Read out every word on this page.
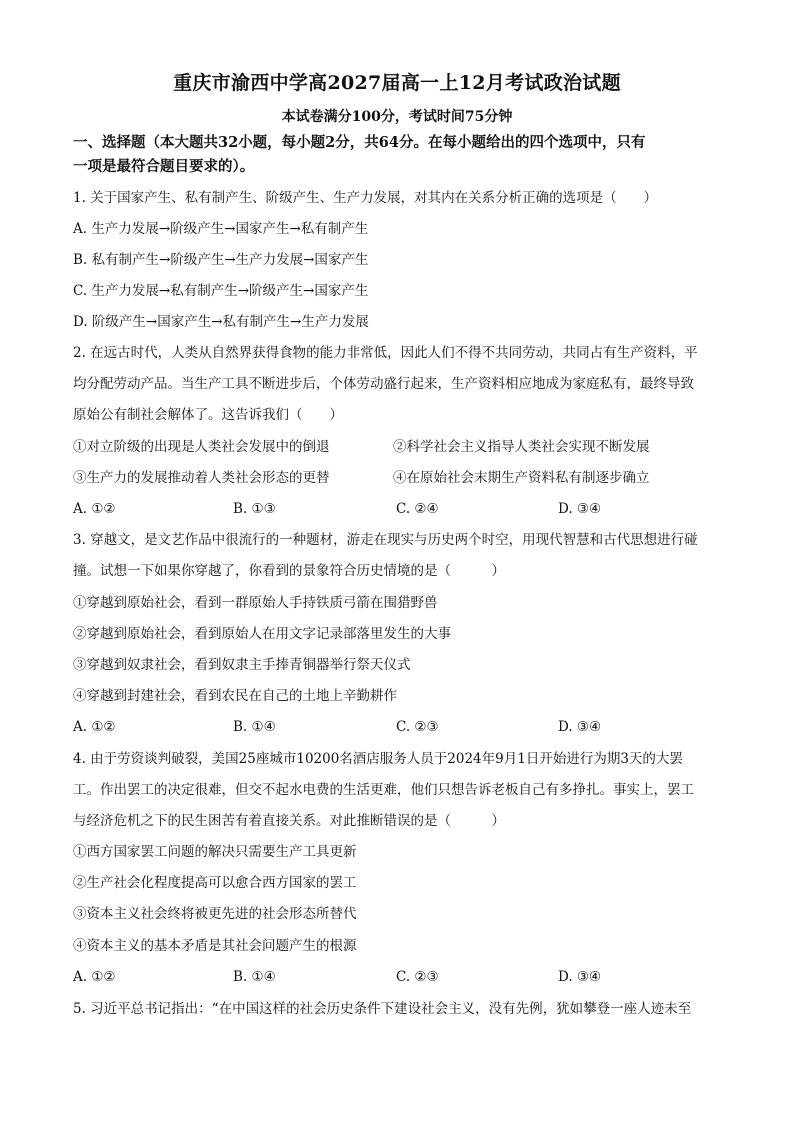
重庆市渝西中学高2027届高一上12月考试政治试题
本试卷满分100分，考试时间75分钟
一、选择题（本大题共32小题，每小题2分，共64分。在每小题给出的四个选项中，只有
一项是最符合题目要求的）。
1. 关于国家产生、私有制产生、阶级产生、生产力发展，对其内在关系分析正确的选项是（　　）
A. 生产力发展→阶级产生→国家产生→私有制产生
B. 私有制产生→阶级产生→生产力发展→国家产生
C. 生产力发展→私有制产生→阶级产生→国家产生
D. 阶级产生→国家产生→私有制产生→生产力发展
2. 在远古时代，人类从自然界获得食物的能力非常低，因此人们不得不共同劳动，共同占有生产资料，平
均分配劳动产品。当生产工具不断进步后，个体劳动盛行起来，生产资料相应地成为家庭私有，最终导致
原始公有制社会解体了。这告诉我们（　　）
①对立阶级的出现是人类社会发展中的倒退	②科学社会主义指导人类社会实现不断发展
③生产力的发展推动着人类社会形态的更替	④在原始社会末期生产资料私有制逐步确立
A. ①②	B. ①③	C. ②④	D. ③④
3. 穿越文，是文艺作品中很流行的一种题材，游走在现实与历史两个时空，用现代智慧和古代思想进行碰
撞。试想一下如果你穿越了，你看到的景象符合历史情境的是（　　　）
①穿越到原始社会，看到一群原始人手持铁质弓箭在围猎野兽
②穿越到原始社会，看到原始人在用文字记录部落里发生的大事
③穿越到奴隶社会，看到奴隶主手捧青铜器举行祭天仪式
④穿越到封建社会，看到农民在自己的土地上辛勤耕作
A. ①②	B. ①④	C. ②③	D. ③④
4. 由于劳资谈判破裂，美国25座城市10200名酒店服务人员于2024年9月1日开始进行为期3天的大罢
工。作出罢工的决定很难，但交不起水电费的生活更难，他们只想告诉老板自己有多挣扎。事实上，罢工
与经济危机之下的民生困苦有着直接关系。对此推断错误的是（　　　）
①西方国家罢工问题的解决只需要生产工具更新
②生产社会化程度提高可以愈合西方国家的罢工
③资本主义社会终将被更先进的社会形态所替代
④资本主义的基本矛盾是其社会问题产生的根源
A. ①②	B. ①④	C. ②③	D. ③④
5. 习近平总书记指出：“在中国这样的社会历史条件下建设社会主义，没有先例，犹如攀登一座人迹未至
